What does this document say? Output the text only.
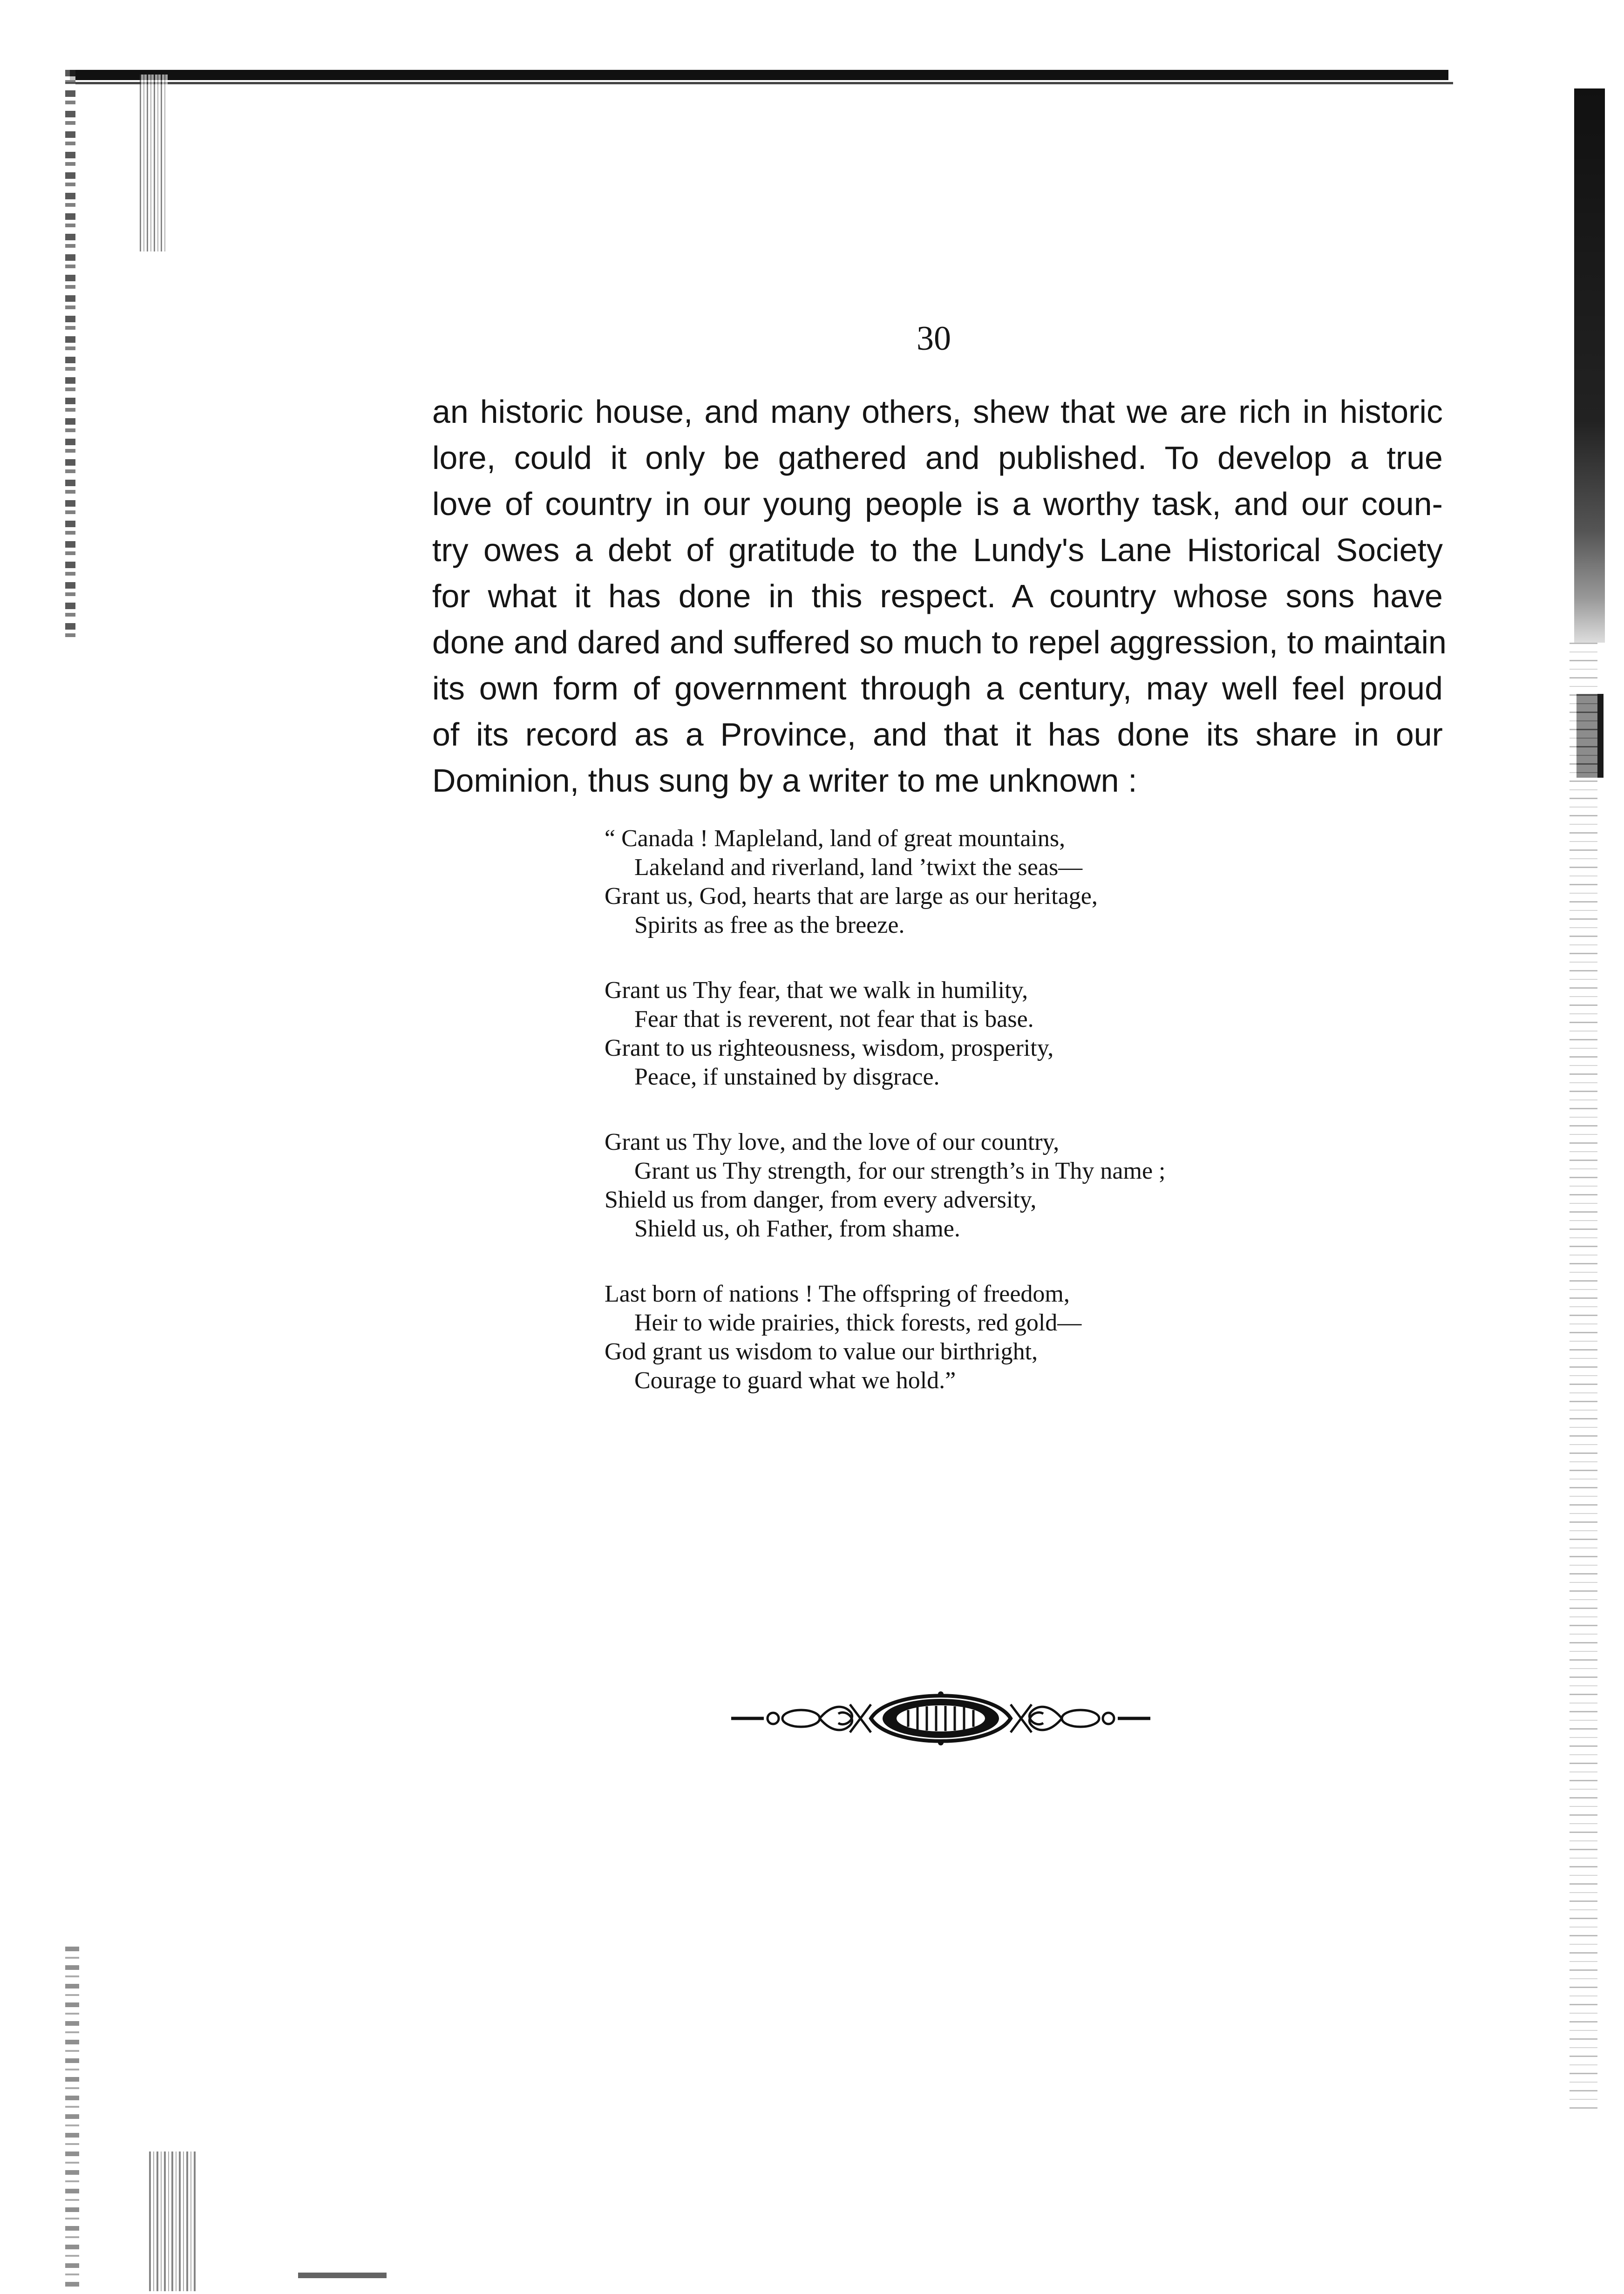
30
an historic house, and many others, shew that we are rich in historic
lore, could it only be gathered and published. To develop a true
love of country in our young people is a worthy task, and our coun-
try owes a debt of gratitude to the Lundy's Lane Historical Society
for what it has done in this respect. A country whose sons have
done and dared and suffered so much to repel aggression, to maintain
its own form of government through a century, may well feel proud
of its record as a Province, and that it has done its share in our
Dominion, thus sung by a writer to me unknown :
“ Canada ! Mapleland, land of great mountains,
Lakeland and riverland, land ’twixt the seas—
Grant us, God, hearts that are large as our heritage,
Spirits as free as the breeze.
Grant us Thy fear, that we walk in humility,
Fear that is reverent, not fear that is base.
Grant to us righteousness, wisdom, prosperity,
Peace, if unstained by disgrace.
Grant us Thy love, and the love of our country,
Grant us Thy strength, for our strength’s in Thy name ;
Shield us from danger, from every adversity,
Shield us, oh Father, from shame.
Last born of nations ! The offspring of freedom,
Heir to wide prairies, thick forests, red gold—
God grant us wisdom to value our birthright,
Courage to guard what we hold.”
